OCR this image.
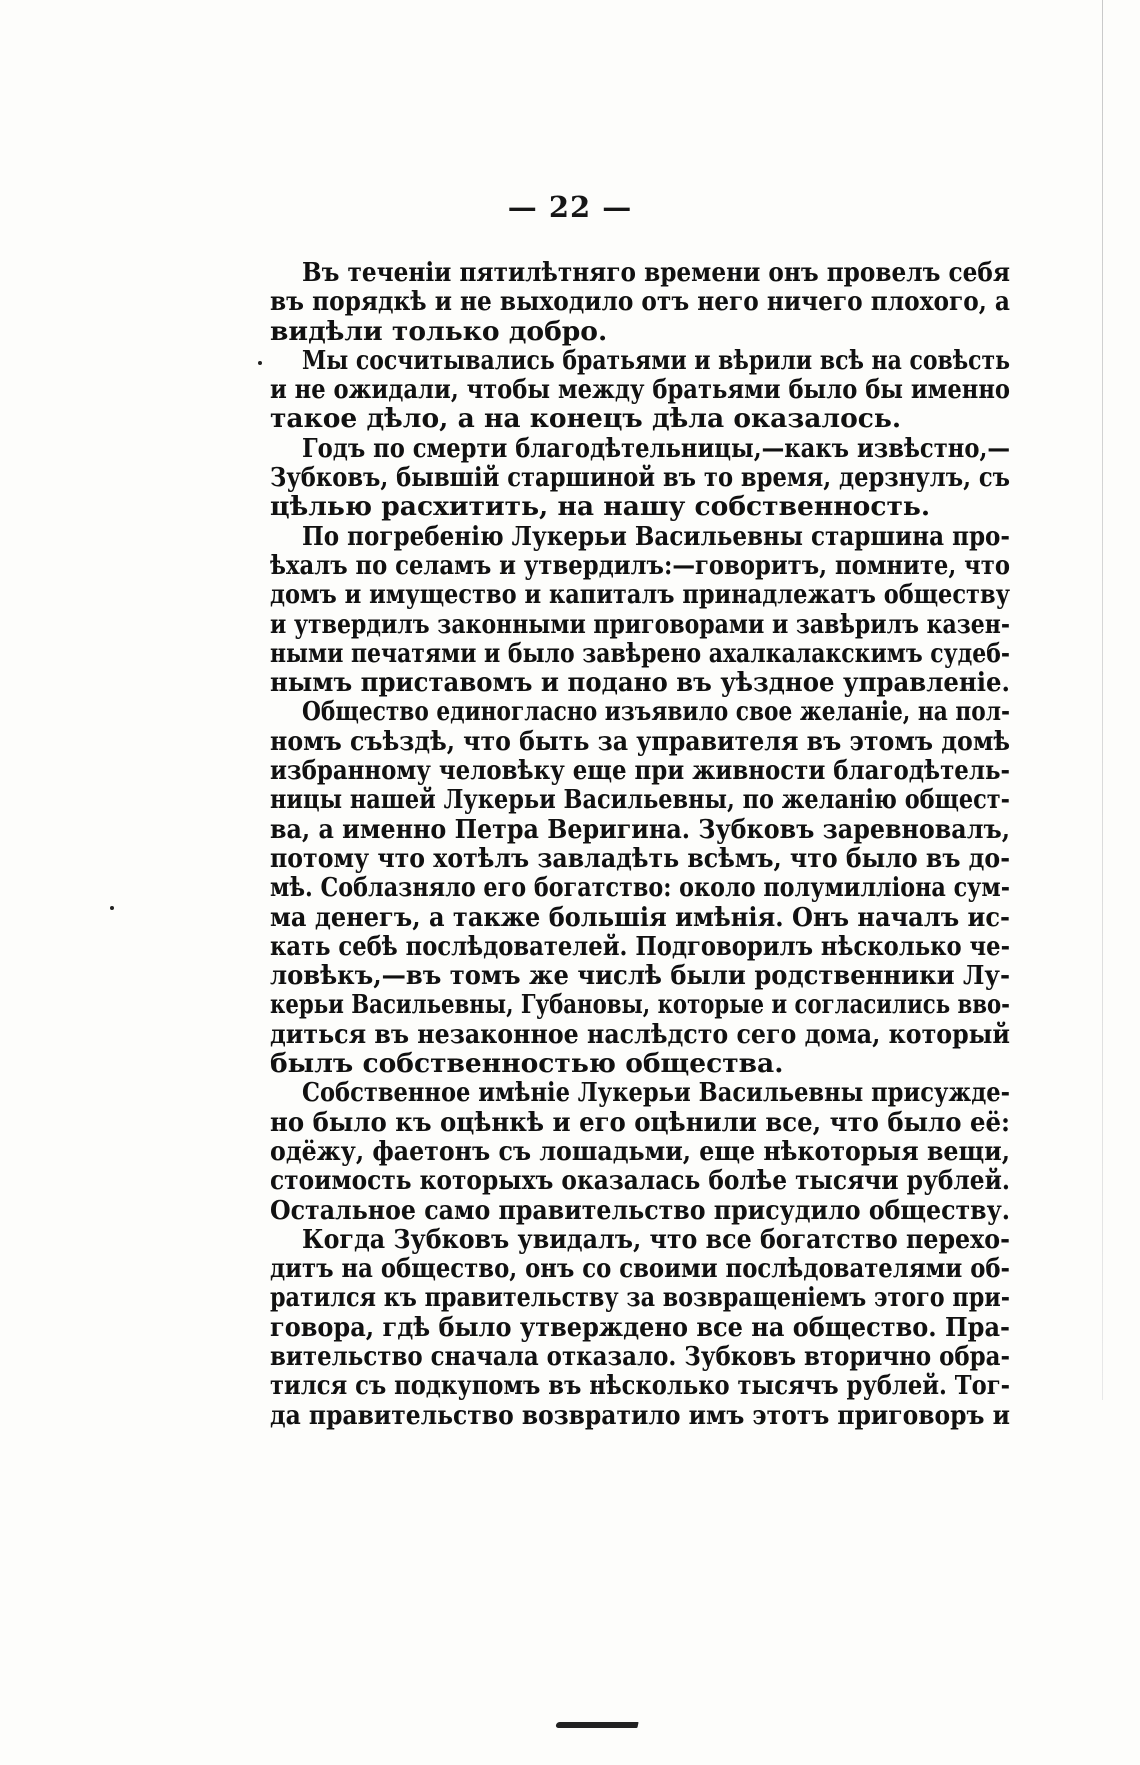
— 22 —
Въ теченіи пятилѣтняго времени онъ провелъ себя
въ порядкѣ и не выходило отъ него ничего плохого, а
видѣли только добро.
Мы сосчитывались братьями и вѣрили всѣ на совѣсть
и не ожидали, чтобы между братьями было бы именно
такое дѣло, а на конецъ дѣла оказалось.
Годъ по смерти благодѣтельницы,—какъ извѣстно,—
Зубковъ, бывшій старшиной въ то время, дерзнулъ, съ
цѣлью расхитить, на нашу собственность.
По погребенію Лукерьи Васильевны старшина про-
ѣхалъ по селамъ и утвердилъ:—говоритъ, помните, что
домъ и имущество и капиталъ принадлежатъ обществу
и утвердилъ законными приговорами и завѣрилъ казен-
ными печатями и было завѣрено ахалкалакскимъ судеб-
нымъ приставомъ и подано въ уѣздное управленіе.
Общество единогласно изъявило свое желаніе, на пол-
номъ съѣздѣ, что быть за управителя въ этомъ домѣ
избранному человѣку еще при живности благодѣтель-
ницы нашей Лукерьи Васильевны, по желанію общест-
ва, а именно Петра Веригина. Зубковъ заревновалъ,
потому что хотѣлъ завладѣть всѣмъ, что было въ до-
мѣ. Соблазняло его богатство: около полумилліона сум-
ма денегъ, а также большія имѣнія. Онъ началъ ис-
кать себѣ послѣдователей. Подговорилъ нѣсколько че-
ловѣкъ,—въ томъ же числѣ были родственники Лу-
керьи Васильевны, Губановы, которые и согласились вво-
диться въ незаконное наслѣдсто сего дома, который
былъ собственностью общества.
Собственное имѣніе Лукерьи Васильевны присужде-
но было къ оцѣнкѣ и его оцѣнили все, что было её:
одёжу, фаетонъ съ лошадьми, еще нѣкоторыя вещи,
стоимость которыхъ оказалась болѣе тысячи рублей.
Остальное само правительство присудило обществу.
Когда Зубковъ увидалъ, что все богатство перехо-
дитъ на общество, онъ со своими послѣдователями об-
ратился къ правительству за возвращеніемъ этого при-
говора, гдѣ было утверждено все на общество. Пра-
вительство сначала отказало. Зубковъ вторично обра-
тился съ подкупомъ въ нѣсколько тысячъ рублей. Тог-
да правительство возвратило имъ этотъ приговоръ и
